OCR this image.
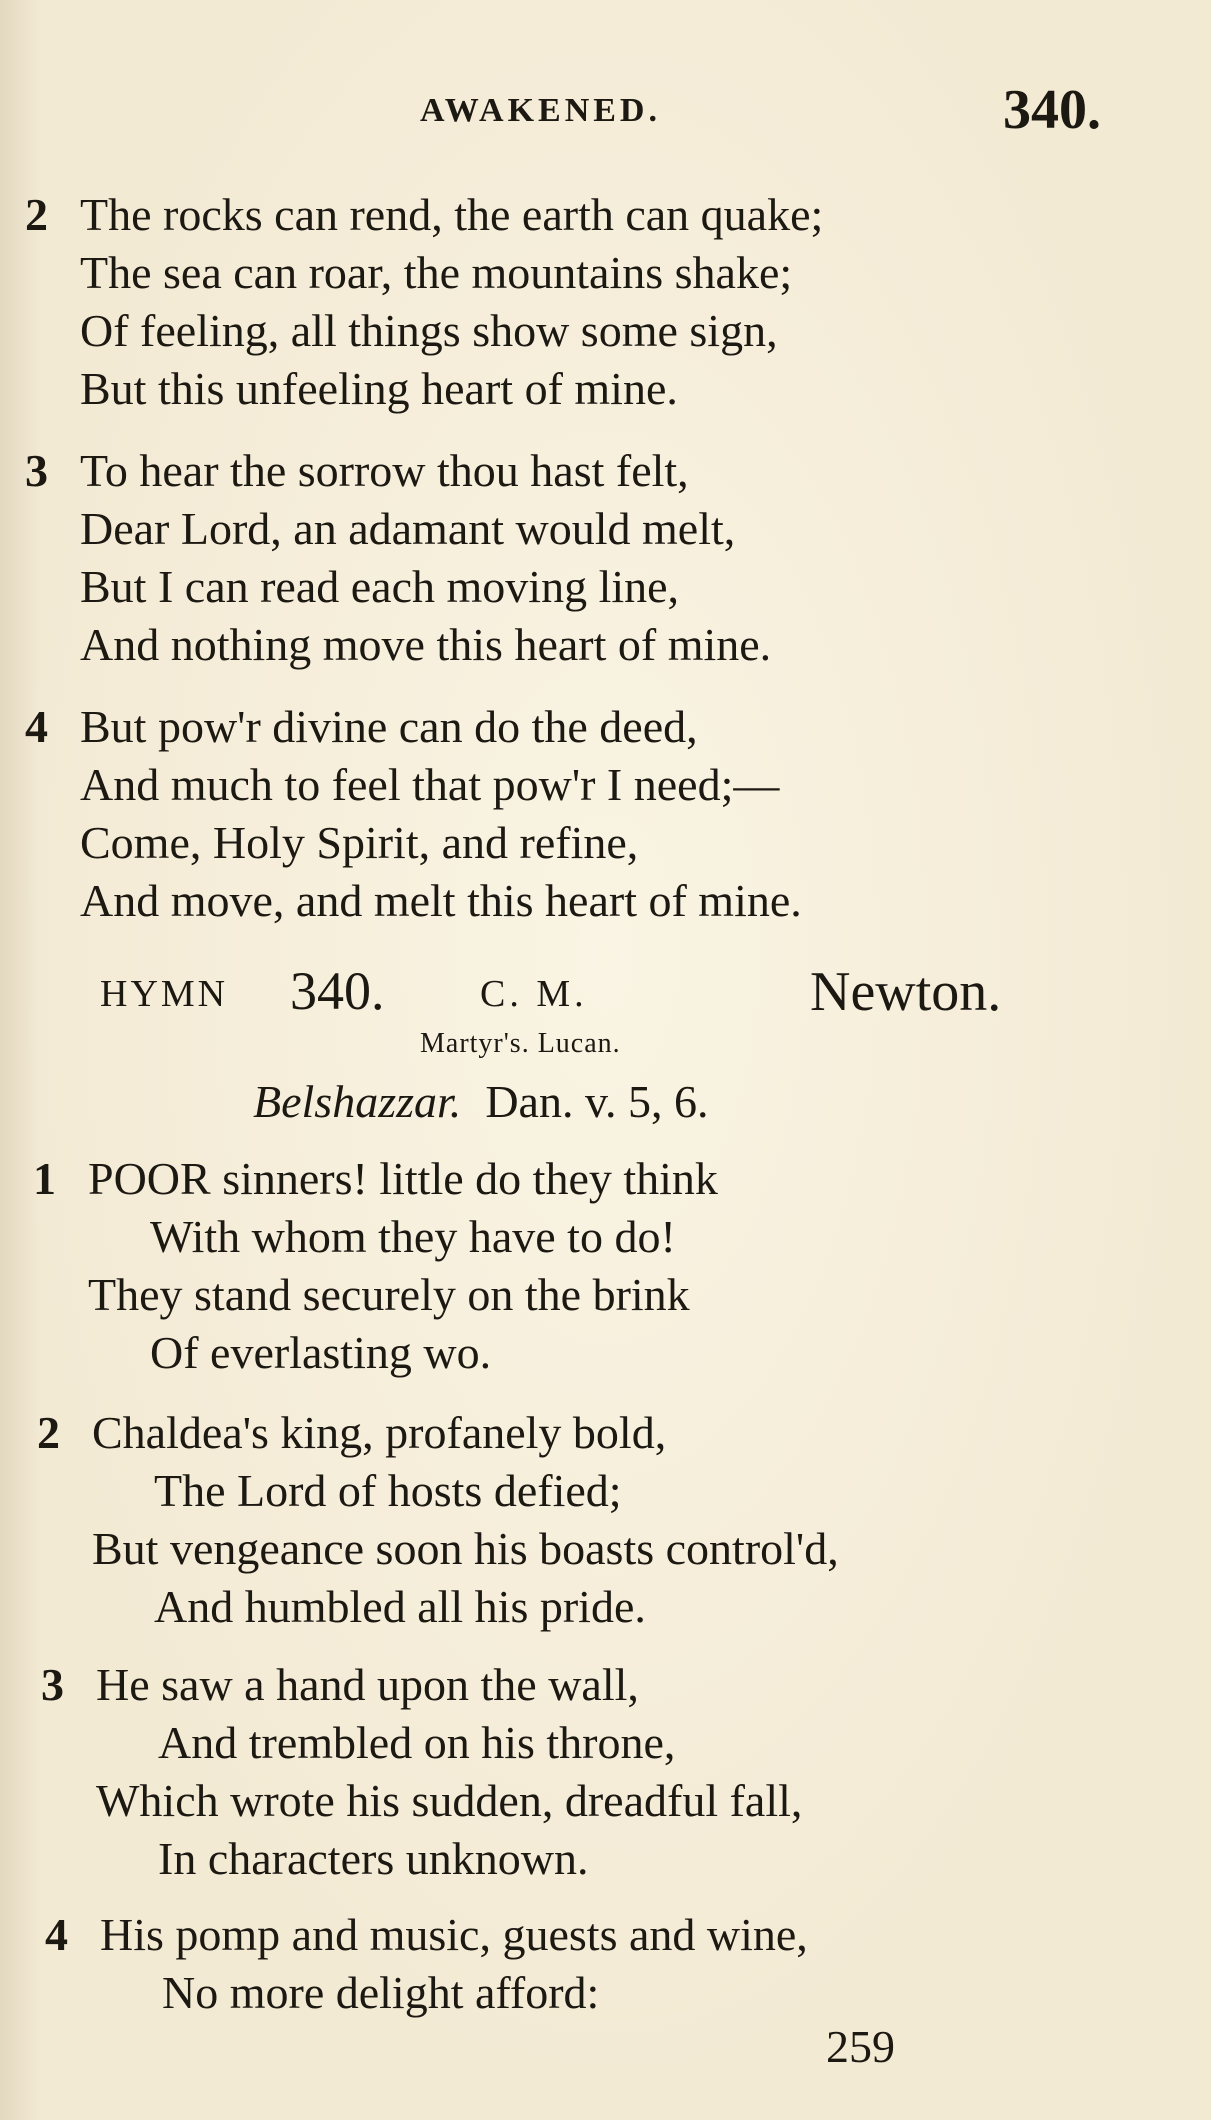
AWAKENED.	340.
2 The rocks can rend, the earth can quake;
The sea can roar, the mountains shake;
Of feeling, all things show some sign,
But this unfeeling heart of mine.
3 To hear the sorrow thou hast felt,
Dear Lord, an adamant would melt,
But I can read each moving line,
And nothing move this heart of mine.
4 But pow'r divine can do the deed,
And much to feel that pow'r I need;—
Come, Holy Spirit, and refine,
And move, and melt this heart of mine.
HYMN 340.	C. M.	Newton.
Martyr's. Lucan.
Belshazzar. Dan. v. 5, 6.
1 POOR sinners! little do they think
With whom they have to do!
They stand securely on the brink
Of everlasting wo.
2 Chaldea's king, profanely bold,
The Lord of hosts defied;
But vengeance soon his boasts control'd,
And humbled all his pride.
3 He saw a hand upon the wall,
And trembled on his throne,
Which wrote his sudden, dreadful fall,
In characters unknown.
4 His pomp and music, guests and wine,
No more delight afford:
259
